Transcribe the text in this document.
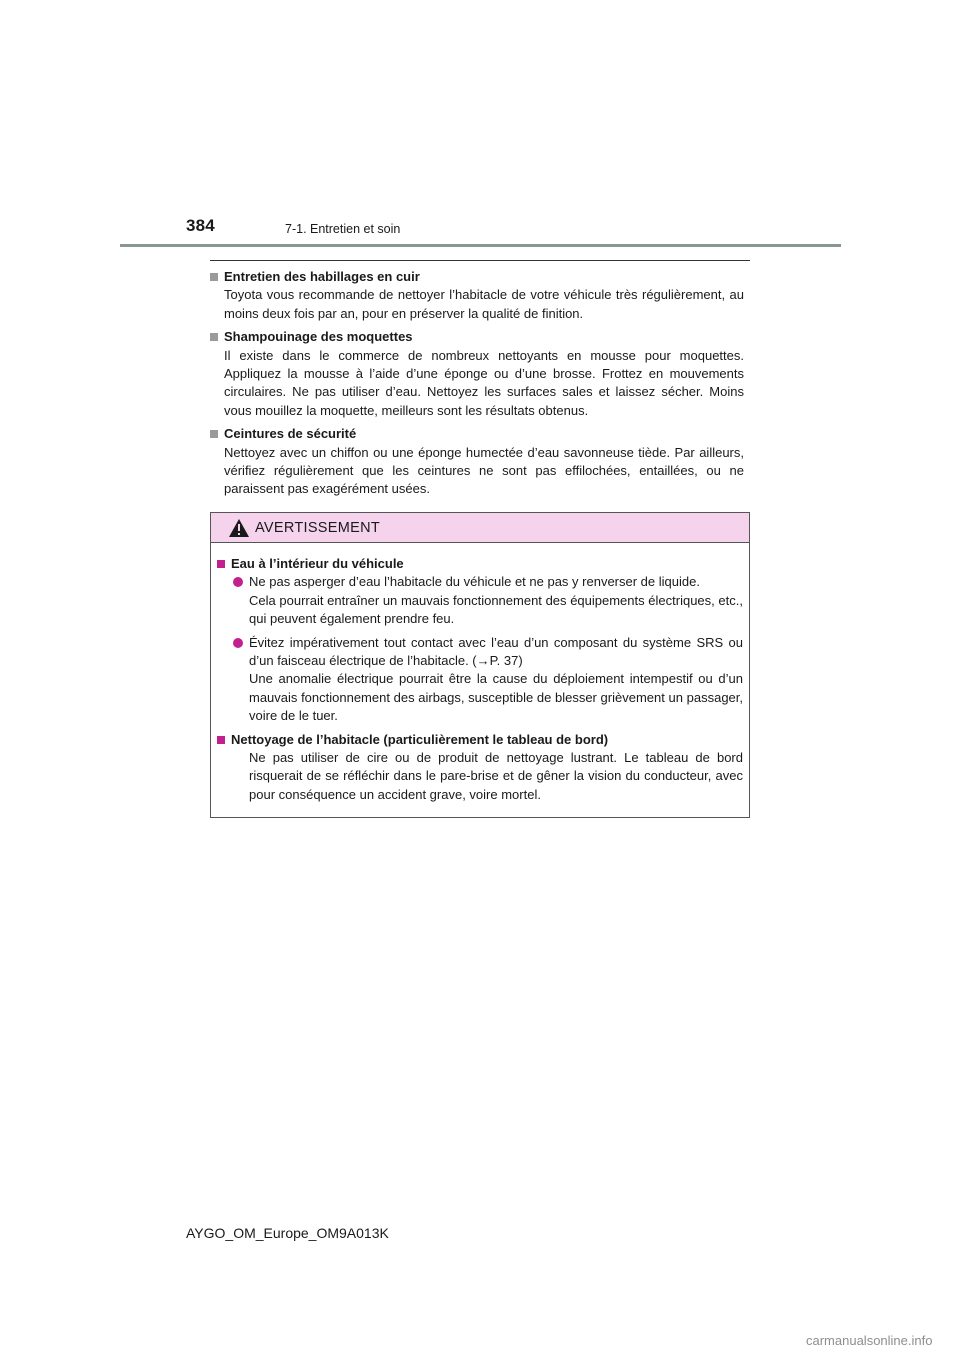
384	7-1. Entretien et soin
Entretien des habillages en cuir
Toyota vous recommande de nettoyer l’habitacle de votre véhicule très régulièrement, au moins deux fois par an, pour en préserver la qualité de finition.
Shampouinage des moquettes
Il existe dans le commerce de nombreux nettoyants en mousse pour moquettes. Appliquez la mousse à l’aide d’une éponge ou d’une brosse. Frottez en mouvements circulaires. Ne pas utiliser d’eau. Nettoyez les surfaces sales et laissez sécher. Moins vous mouillez la moquette, meilleurs sont les résultats obtenus.
Ceintures de sécurité
Nettoyez avec un chiffon ou une éponge humectée d’eau savonneuse tiède. Par ailleurs, vérifiez régulièrement que les ceintures ne sont pas effilochées, entaillées, ou ne paraissent pas exagérément usées.
AVERTISSEMENT
Eau à l’intérieur du véhicule
Ne pas asperger d’eau l’habitacle du véhicule et ne pas y renverser de liquide.
Cela pourrait entraîner un mauvais fonctionnement des équipements électriques, etc., qui peuvent également prendre feu.
Évitez impérativement tout contact avec l’eau d’un composant du système SRS ou d’un faisceau électrique de l’habitacle. (→P. 37)
Une anomalie électrique pourrait être la cause du déploiement intempestif ou d’un mauvais fonctionnement des airbags, susceptible de blesser grièvement un passager, voire de le tuer.
Nettoyage de l’habitacle (particulièrement le tableau de bord)
Ne pas utiliser de cire ou de produit de nettoyage lustrant. Le tableau de bord risquerait de se réfléchir dans le pare-brise et de gêner la vision du conducteur, avec pour conséquence un accident grave, voire mortel.
AYGO_OM_Europe_OM9A013K
carmanualsonline.info
